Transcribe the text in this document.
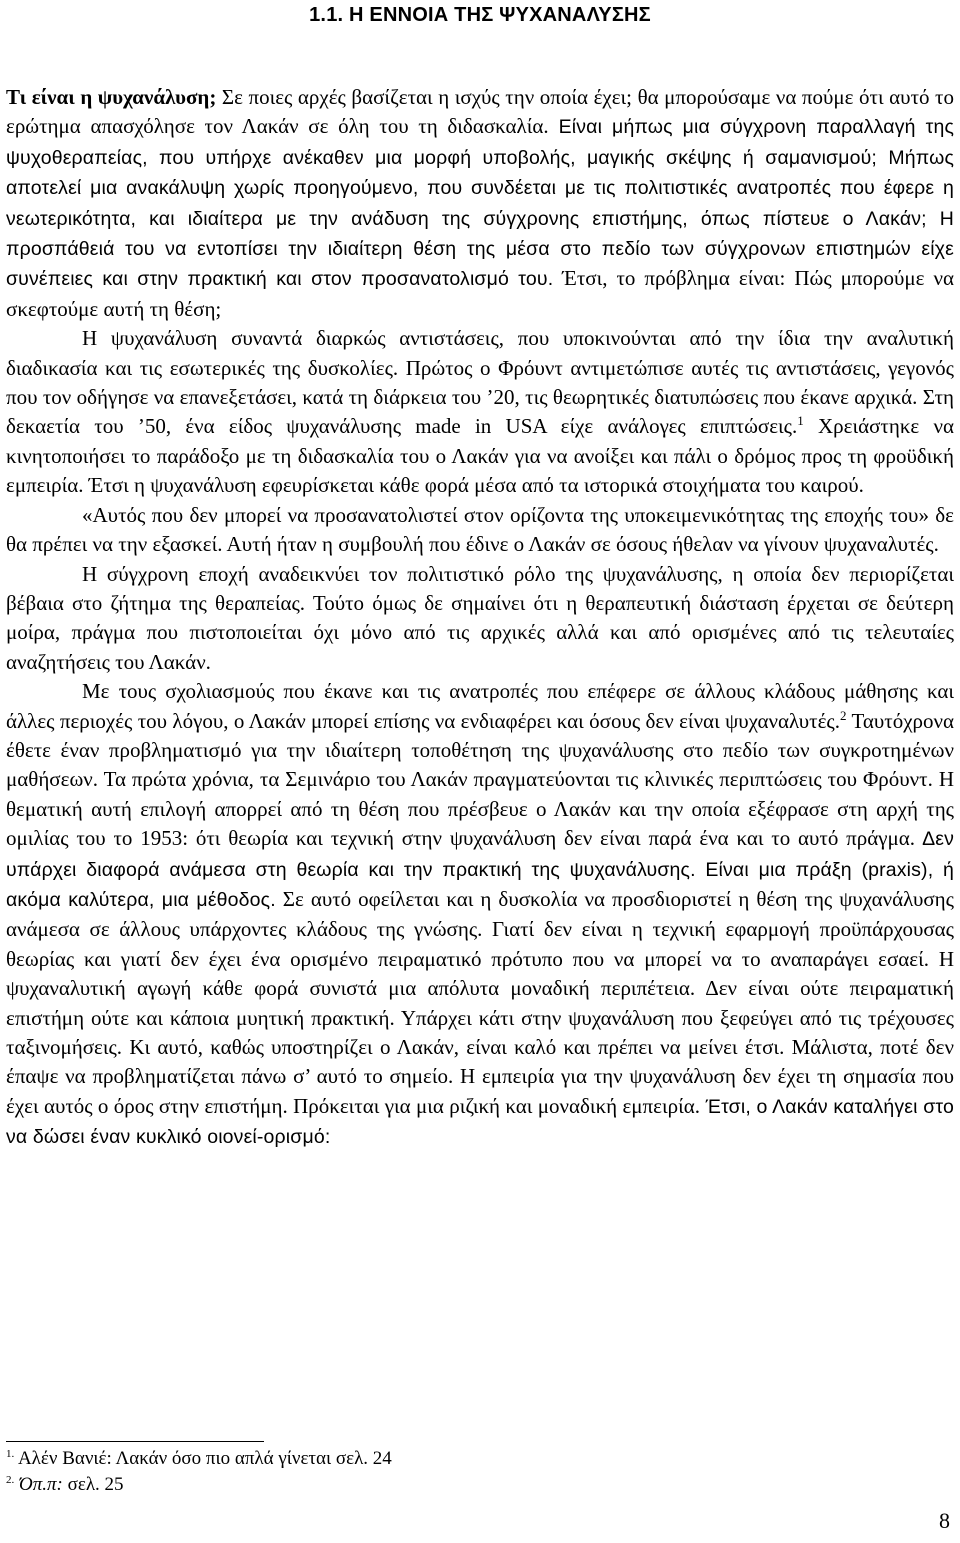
1.1. Η ΕΝΝΟΙΑ ΤΗΣ ΨΥΧΑΝΑΛΥΣΗΣ

Τι είναι η ψυχανάλυση; Σε ποιες αρχές βασίζεται η ισχύς την οποία έχει; θα μπορούσαμε να πούμε ότι αυτό το ερώτημα απασχόλησε τον Λακάν σε όλη του τη διδασκαλία. Είναι μήπως μια σύγχρονη παραλλαγή της ψυχοθεραπείας, που υπήρχε ανέκαθεν μια μορφή υποβολής, μαγικής σκέψης ή σαμανισμού; Μήπως αποτελεί μια ανακάλυψη χωρίς προηγούμενο, που συνδέεται με τις πολιτιστικές ανατροπές που έφερε η νεωτερικότητα, και ιδιαίτερα με την ανάδυση της σύγχρονης επιστήμης, όπως πίστευε ο Λακάν; Η προσπάθειά του να εντοπίσει την ιδιαίτερη θέση της μέσα στο πεδίο των σύγχρονων επιστημών είχε συνέπειες και στην πρακτική και στον προσανατολισμό του. Έτσι, το πρόβλημα είναι: Πώς μπορούμε να σκεφτούμε αυτή τη θέση;

Η ψυχανάλυση συναντά διαρκώς αντιστάσεις, που υποκινούνται από την ίδια την αναλυτική διαδικασία και τις εσωτερικές της δυσκολίες. Πρώτος ο Φρόυντ αντιμετώπισε αυτές τις αντιστάσεις, γεγονός που τον οδήγησε να επανεξετάσει, κατά τη διάρκεια του ’20, τις θεωρητικές διατυπώσεις που έκανε αρχικά. Στη δεκαετία του ’50, ένα είδος ψυχανάλυσης made in USA είχε ανάλογες επιπτώσεις.$^1$ Χρειάστηκε να κινητοποιήσει το παράδοξο με τη διδασκαλία του ο Λακάν για να ανοίξει και πάλι ο δρόμος προς τη φροϋδική εμπειρία. Έτσι η ψυχανάλυση εφευρίσκεται κάθε φορά μέσα από τα ιστορικά στοιχήματα του καιρού.

«Αυτός που δεν μπορεί να προσανατολιστεί στον ορίζοντα της υποκειμενικότητας της εποχής του» δε θα πρέπει να την εξασκεί. Αυτή ήταν η συμβουλή που έδινε ο Λακάν σε όσους ήθελαν να γίνουν ψυχαναλυτές.

Η σύγχρονη εποχή αναδεικνύει τον πολιτιστικό ρόλο της ψυχανάλυσης, η οποία δεν περιορίζεται βέβαια στο ζήτημα της θεραπείας. Τούτο όμως δε σημαίνει ότι η θεραπευτική διάσταση έρχεται σε δεύτερη μοίρα, πράγμα που πιστοποιείται όχι μόνο από τις αρχικές αλλά και από ορισμένες από τις τελευταίες αναζητήσεις του Λακάν.

Με τους σχολιασμούς που έκανε και τις ανατροπές που επέφερε σε άλλους κλάδους μάθησης και άλλες περιοχές του λόγου, ο Λακάν μπορεί επίσης να ενδιαφέρει και όσους δεν είναι ψυχαναλυτές.$^2$ Ταυτόχρονα έθετε έναν προβληματισμό για την ιδιαίτερη τοποθέτηση της ψυχανάλυσης στο πεδίο των συγκροτημένων μαθήσεων. Τα πρώτα χρόνια, τα Σεμινάριο του Λακάν πραγματεύονται τις κλινικές περιπτώσεις του Φρόυντ. Η θεματική αυτή επιλογή απορρεί από τη θέση που πρέσβευε ο Λακάν και την οποία εξέφρασε στη αρχή της ομιλίας του το 1953: ότι θεωρία και τεχνική στην ψυχανάλυση δεν είναι παρά ένα και το αυτό πράγμα. Δεν υπάρχει διαφορά ανάμεσα στη θεωρία και την πρακτική της ψυχανάλυσης. Είναι μια πράξη (praxis), ή ακόμα καλύτερα, μια μέθοδος. Σε αυτό οφείλεται και η δυσκολία να προσδιοριστεί η θέση της ψυχανάλυσης ανάμεσα σε άλλους υπάρχοντες κλάδους της γνώσης. Γιατί δεν είναι η τεχνική εφαρμογή προϋπάρχουσας θεωρίας και γιατί δεν έχει ένα ορισμένο πειραματικό πρότυπο που να μπορεί να το αναπαράγει εσαεί. Η ψυχαναλυτική αγωγή κάθε φορά συνιστά μια απόλυτα μοναδική περιπέτεια. Δεν είναι ούτε πειραματική επιστήμη ούτε και κάποια μυητική πρακτική. Υπάρχει κάτι στην ψυχανάλυση που ξεφεύγει από τις τρέχουσες ταξινομήσεις. Κι αυτό, καθώς υποστηρίζει ο Λακάν, είναι καλό και πρέπει να μείνει έτσι. Μάλιστα, ποτέ δεν έπαψε να προβληματίζεται πάνω σ’ αυτό το σημείο. Η εμπειρία για την ψυχανάλυση δεν έχει τη σημασία που έχει αυτός ο όρος στην επιστήμη. Πρόκειται για μια ριζική και μοναδική εμπειρία. Έτσι, ο Λακάν καταλήγει στο να δώσει έναν κυκλικό οιονεί-ορισμό:

$^{1.}$ Αλέν Βανιέ: Λακάν όσο πιο απλά γίνεται σελ. 24
$^{2.}$ Όπ.π: σελ. 25
8
